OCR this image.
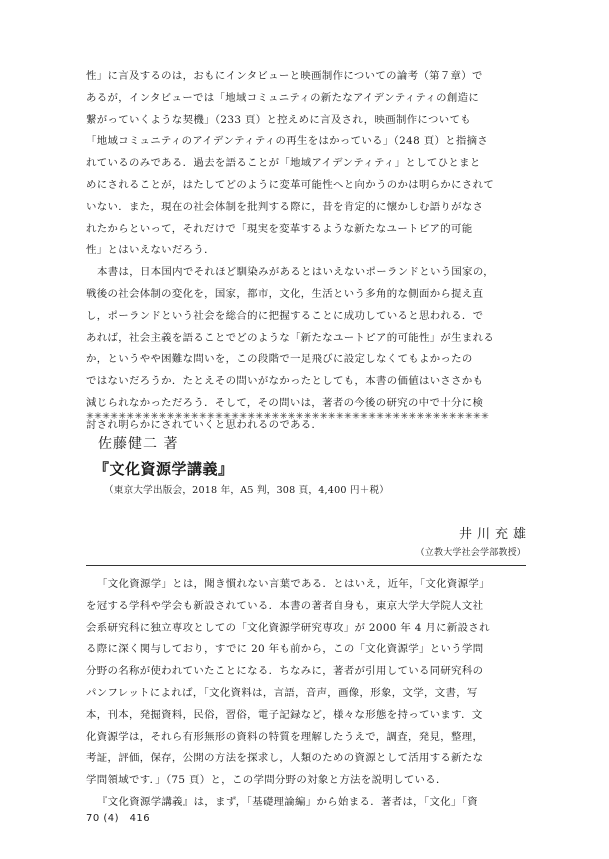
性」に言及するのは，おもにインタビューと映画制作についての論考（第７章）で
あるが，インタビューでは「地域コミュニティの新たなアイデンティティの創造に
繋がっていくような契機」（233 頁）と控えめに言及され，映画制作についても
「地域コミュニティのアイデンティティの再生をはかっている」（248 頁）と指摘さ
れているのみである．過去を語ることが「地域アイデンティティ」としてひとまと
めにされることが，はたしてどのように変革可能性へと向かうのかは明らかにされて
いない．また，現在の社会体制を批判する際に，昔を肯定的に懐かしむ語りがなさ
れたからといって，それだけで「現実を変革するような新たなユートピア的可能
性」とはいえないだろう．

本書は，日本国内でそれほど馴染みがあるとはいえないポーランドという国家の，
戦後の社会体制の変化を，国家，都市，文化，生活という多角的な側面から捉え直
し，ポーランドという社会を総合的に把握することに成功していると思われる．で
あれば，社会主義を語ることでどのような「新たなユートピア的可能性」が生まれる
か，というやや困難な問いを，この段階で一足飛びに設定しなくてもよかったの
ではないだろうか．たとえその問いがなかったとしても，本書の価値はいささかも
減じられなかっただろう．そして，その問いは，著者の今後の研究の中で十分に検
討され明らかにされていくと思われるのである．

✳✳✳✳✳✳✳✳✳✳✳✳✳✳✳✳✳✳✳✳✳✳✳✳✳✳✳✳✳✳✳✳✳✳✳✳✳✳✳✳✳✳✳✳✳✳✳✳✳✳

佐藤健二 著

『文化資源学講義』

（東京大学出版会，2018 年，A5 判，308 頁，4,400 円＋税）

井川充雄

（立教大学社会学部教授）

「文化資源学」とは，聞き慣れない言葉である．とはいえ，近年，「文化資源学」
を冠する学科や学会も新設されている．本書の著者自身も，東京大学大学院人文社
会系研究科に独立専攻としての「文化資源学研究専攻」が 2000 年 4 月に新設され
る際に深く関与しており，すでに 20 年も前から，この「文化資源学」という学問
分野の名称が使われていたことになる．ちなみに，著者が引用している同研究科の
パンフレットによれば，「文化資料は，言語，音声，画像，形象，文学，文書，写
本，刊本，発掘資料，民俗，習俗，電子記録など，様々な形態を持っています．文
化資源学は，それら有形無形の資料の特質を理解したうえで，調査，発見，整理，
考証，評価，保存，公開の方法を探求し，人類のための資源として活用する新たな
学問領域です．」（75 頁）と，この学問分野の対象と方法を説明している．

『文化資源学講義』は，まず，「基礎理論編」から始まる．著者は，「文化」「資

70 (4)　416
